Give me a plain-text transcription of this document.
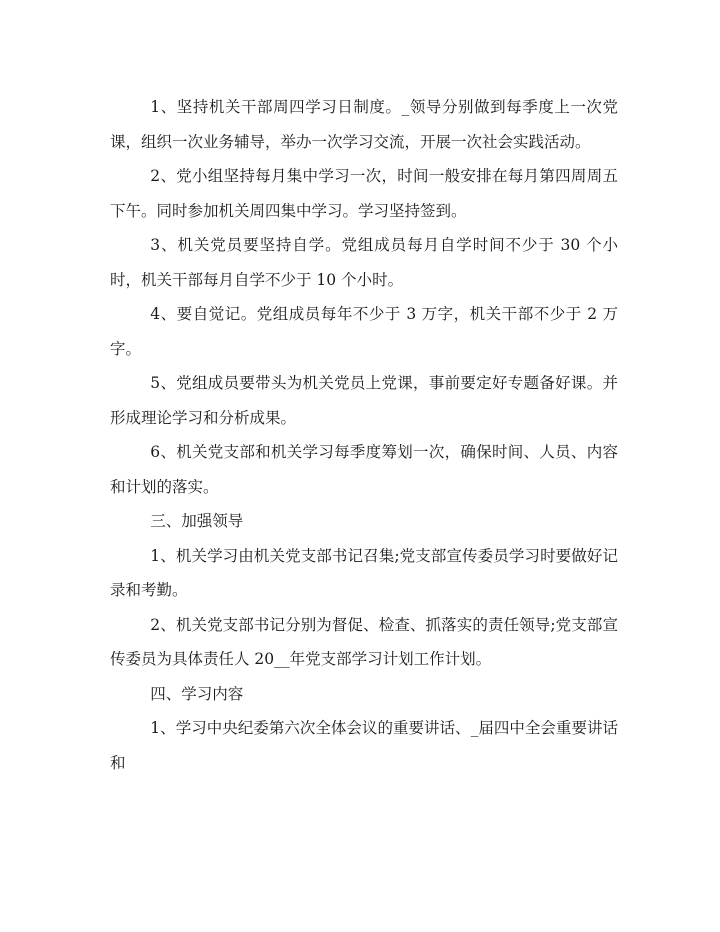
1、坚持机关干部周四学习日制度。_领导分别做到每季度上一次党课，组织一次业务辅导，举办一次学习交流，开展一次社会实践活动。

2、党小组坚持每月集中学习一次，时间一般安排在每月第四周周五下午。同时参加机关周四集中学习。学习坚持签到。

3、机关党员要坚持自学。党组成员每月自学时间不少于 30 个小时，机关干部每月自学不少于 10 个小时。

4、要自觉记。党组成员每年不少于 3 万字，机关干部不少于 2 万字。

5、党组成员要带头为机关党员上党课，事前要定好专题备好课。并形成理论学习和分析成果。

6、机关党支部和机关学习每季度筹划一次，确保时间、人员、内容和计划的落实。

三、加强领导

1、机关学习由机关党支部书记召集;党支部宣传委员学习时要做好记录和考勤。

2、机关党支部书记分别为督促、检查、抓落实的责任领导;党支部宣传委员为具体责任人 20__年党支部学习计划工作计划。

四、学习内容

1、学习中央纪委第六次全体会议的重要讲话、_届四中全会重要讲话和
